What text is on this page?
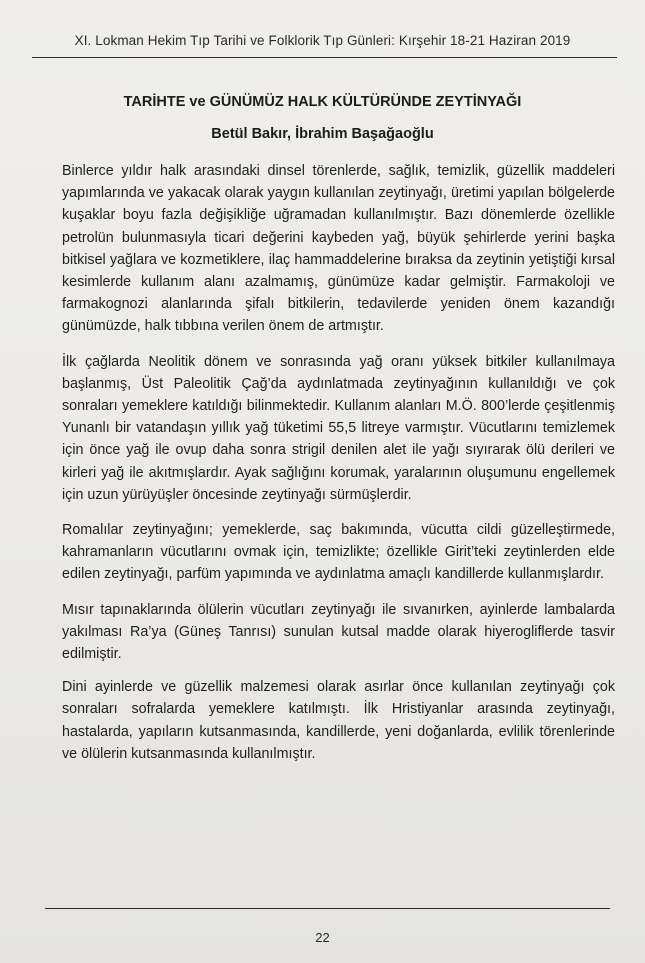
XI. Lokman Hekim Tıp Tarihi ve Folklorik Tıp Günleri: Kırşehir 18-21 Haziran 2019
TARİHTE ve GÜNÜMÜZ HALK KÜLTÜRÜNDE ZEYTİNYAĞI
Betül Bakır, İbrahim Başağaoğlu

Binlerce yıldır halk arasındaki dinsel törenlerde, sağlık, temizlik, güzellik maddeleri yapımlarında ve yakacak olarak yaygın kullanılan zeytinyağı, üretimi yapılan bölgelerde kuşaklar boyu fazla değişikliğe uğramadan kullanılmıştır. Bazı dönemlerde özellikle petrolün bulunmasıyla ticari değerini kaybeden yağ, büyük şehirlerde yerini başka bitkisel yağlara ve kozmetiklere, ilaç hammaddelerine bıraksa da zeytinin yetiştiği kırsal kesimlerde kullanım alanı azalmamış, günümüze kadar gelmiştir. Farmakoloji ve farmakognozi alanlarında şifalı bitkilerin, tedavilerde yeniden önem kazandığı günümüzde, halk tıbbına verilen önem de artmıştır.

İlk çağlarda Neolitik dönem ve sonrasında yağ oranı yüksek bitkiler kullanılmaya başlanmış, Üst Paleolitik Çağ’da aydınlatmada zeytinyağının kullanıldığı ve çok sonraları yemeklere katıldığı bilinmektedir. Kullanım alanları M.Ö. 800’lerde çeşitlenmiş Yunanlı bir vatandaşın yıllık yağ tüketimi 55,5 litreye varmıştır. Vücutlarını temizlemek için önce yağ ile ovup daha sonra strigil denilen alet ile yağı sıyırarak ölü derileri ve kirleri yağ ile akıtmışlardır. Ayak sağlığını korumak, yaralarının oluşumunu engellemek için uzun yürüyüşler öncesinde zeytinyağı sürmüşlerdir.

Romalılar zeytinyağını; yemeklerde, saç bakımında, vücutta cildi güzelleştirmede, kahramanların vücutlarını ovmak için, temizlikte; özellikle Girit’teki zeytinlerden elde edilen zeytinyağı, parfüm yapımında ve aydınlatma amaçlı kandillerde kullanmışlardır.

Mısır tapınaklarında ölülerin vücutları zeytinyağı ile sıvanırken, ayinlerde lambalarda yakılması Ra’ya (Güneş Tanrısı) sunulan kutsal madde olarak hiyerogliflerde tasvir edilmiştir.

Dini ayinlerde ve güzellik malzemesi olarak asırlar önce kullanılan zeytinyağı çok sonraları sofralarda yemeklere katılmıştı. İlk Hristiyanlar arasında zeytinyağı, hastalarda, yapıların kutsanmasında, kandillerde, yeni doğanlarda, evlilik törenlerinde ve ölülerin kutsanmasında kullanılmıştır.

22
